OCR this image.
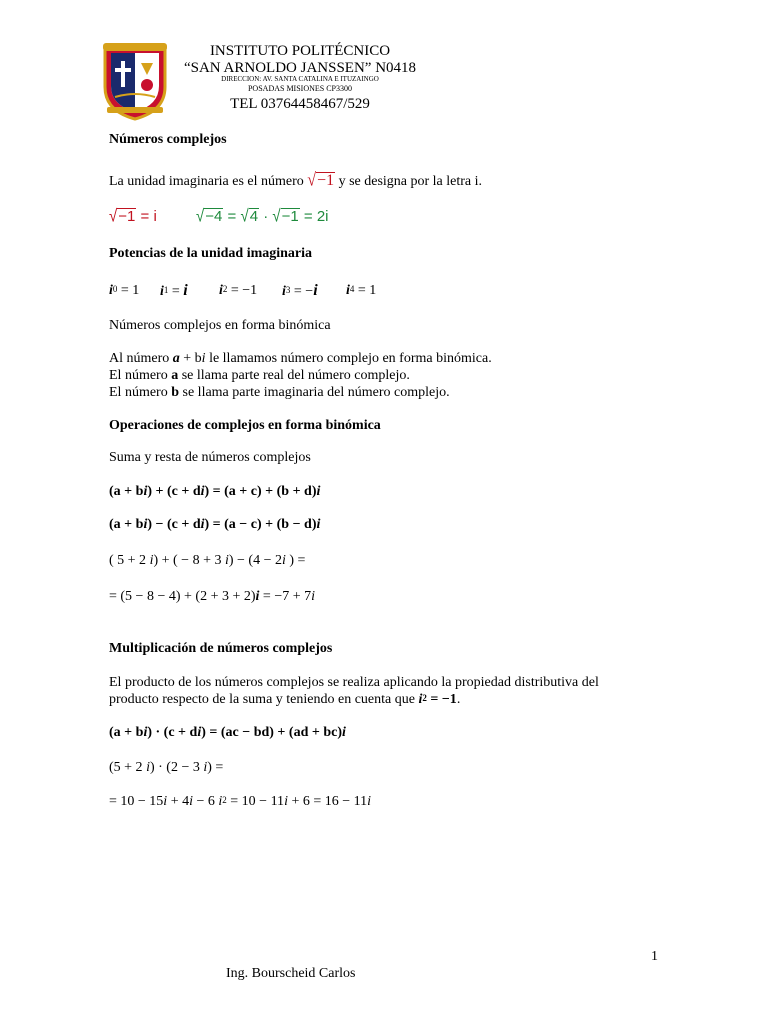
INSTITUTO POLITÉCNICO
“SAN ARNOLDO JANSSEN” N0418
DIRECCION: AV. SANTA CATALINA E ITUZAINGO
POSADAS MISIONES CP3300
TEL 03764458467/529
Números complejos
La unidad imaginaria es el número √−1 y se designa por la letra i.
√−1 = i	√−4 = √4 · √−1 = 2i
Potencias de la unidad imaginaria
$i^0 = 1$ $i^1 = i$ $i^2 = -1$ $i^3 = -i$ $i^4 = 1$
Números complejos en forma binómica
Al número a + bi le llamamos número complejo en forma binómica.
El número a se llama parte real del número complejo.
El número b se llama parte imaginaria del número complejo.
Operaciones de complejos en forma binómica
Suma y resta de números complejos
(a + bi) + (c + di) = (a + c) + (b + d)i
(a + bi) − (c + di) = (a − c) + (b − d)i
( 5 + 2 i) + ( − 8 + 3 i) − (4 − 2i ) =
= (5 − 8 − 4) + (2 + 3 + 2)i = −7 + 7i
Multiplicación de números complejos
El producto de los números complejos se realiza aplicando la propiedad distributiva del
producto respecto de la suma y teniendo en cuenta que $i^2 = -1$.
(a + bi) · (c + di) = (ac − bd) + (ad + bc)i
(5 + 2 i) · (2 − 3 i) =
= 10 − 15i + 4i − 6 $i^2 = 10 - 11i + 6 = 16 - 11i$
1
Ing. Bourscheid Carlos
